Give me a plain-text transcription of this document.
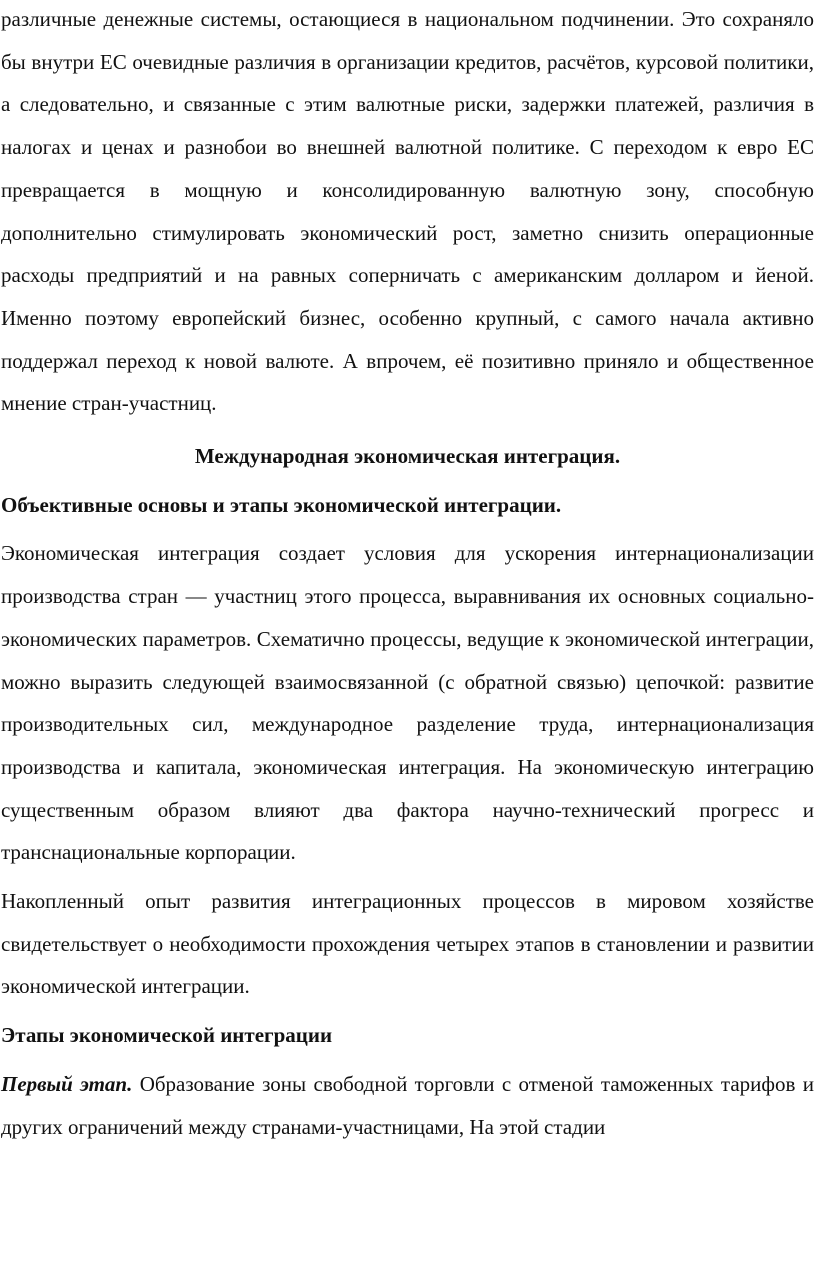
различные денежные системы, остающиеся в национальном подчинении. Это сохраняло бы внутри ЕС очевидные различия в организации кредитов, расчётов, курсовой политики, а следовательно, и связанные с этим валютные риски, задержки платежей, различия в налогах и ценах и разнобои во внешней валютной политике. С переходом к евро ЕС превращается в мощную и консолидированную валютную зону, способную дополнительно стимулировать экономический рост, заметно снизить операционные расходы предприятий и на равных соперничать с американским долларом и йеной. Именно поэтому европейский бизнес, особенно крупный, с самого начала активно поддержал переход к новой валюте. А впрочем, её позитивно приняло и общественное мнение стран-участниц.

Международная экономическая интеграция.

Объективные основы и этапы экономической интеграции.

Экономическая интеграция создает условия для ускорения интернационализации производства стран — участниц этого процесса, выравнивания их основных социально-экономических параметров. Схематично процессы, ведущие к экономической интеграции, можно выразить следующей взаимосвязанной (с обратной связью) цепочкой: развитие производительных сил, международное разделение труда, интернационализация производства и капитала, экономическая интеграция. На экономическую интеграцию существенным образом влияют два фактора научно-технический прогресс и транснациональные корпорации.

Накопленный опыт развития интеграционных процессов в мировом хозяйстве свидетельствует о необходимости прохождения четырех этапов в становлении и развитии экономической интеграции.

Этапы экономической интеграции

Первый этап. Образование зоны свободной торговли с отменой таможенных тарифов и других ограничений между странами-участницами, На этой стадии
